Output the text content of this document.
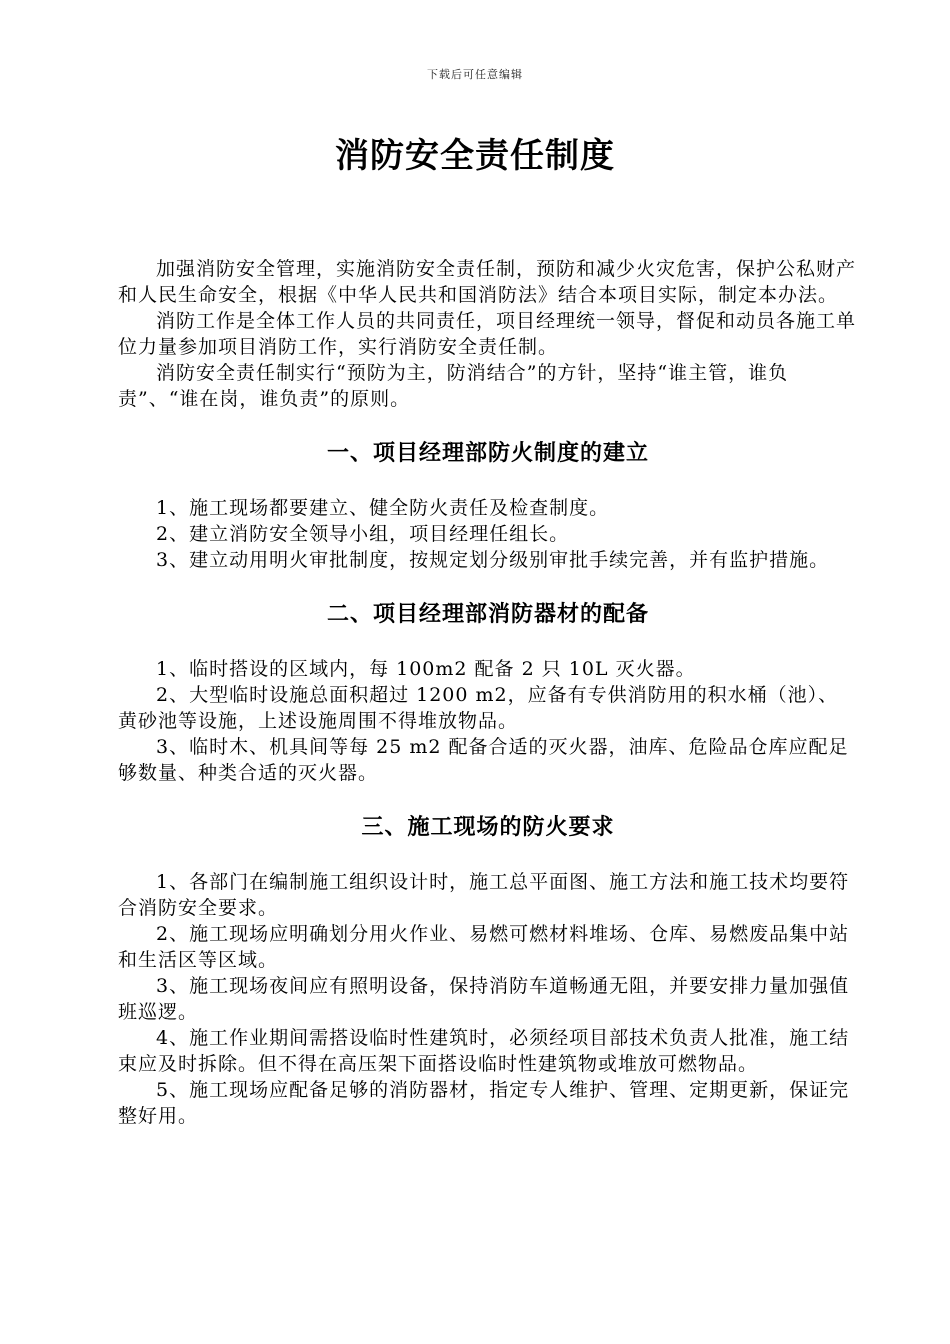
下载后可任意编辑
消防安全责任制度

加强消防安全管理，实施消防安全责任制，预防和减少火灾危害，保护公私财产和人民生命安全，根据《中华人民共和国消防法》结合本项目实际，制定本办法。

消防工作是全体工作人员的共同责任，项目经理统一领导，督促和动员各施工单位力量参加项目消防工作，实行消防安全责任制。

消防安全责任制实行“预防为主，防消结合”的方针，坚持“谁主管，谁负责”、“谁在岗，谁负责”的原则。

一、项目经理部防火制度的建立

1、施工现场都要建立、健全防火责任及检查制度。

2、建立消防安全领导小组，项目经理任组长。

3、建立动用明火审批制度，按规定划分级别审批手续完善，并有监护措施。

二、项目经理部消防器材的配备

1、临时搭设的区域内，每 100m2 配备 2 只 10L 灭火器。

2、大型临时设施总面积超过 1200 m2，应备有专供消防用的积水桶（池）、黄砂池等设施，上述设施周围不得堆放物品。

3、临时木、机具间等每 25 m2 配备合适的灭火器，油库、危险品仓库应配足够数量、种类合适的灭火器。

三、施工现场的防火要求

1、各部门在编制施工组织设计时，施工总平面图、施工方法和施工技术均要符合消防安全要求。

2、施工现场应明确划分用火作业、易燃可燃材料堆场、仓库、易燃废品集中站和生活区等区域。

3、施工现场夜间应有照明设备，保持消防车道畅通无阻，并要安排力量加强值班巡逻。

4、施工作业期间需搭设临时性建筑时，必须经项目部技术负责人批准，施工结束应及时拆除。但不得在高压架下面搭设临时性建筑物或堆放可燃物品。

5、施工现场应配备足够的消防器材，指定专人维护、管理、定期更新，保证完整好用。
